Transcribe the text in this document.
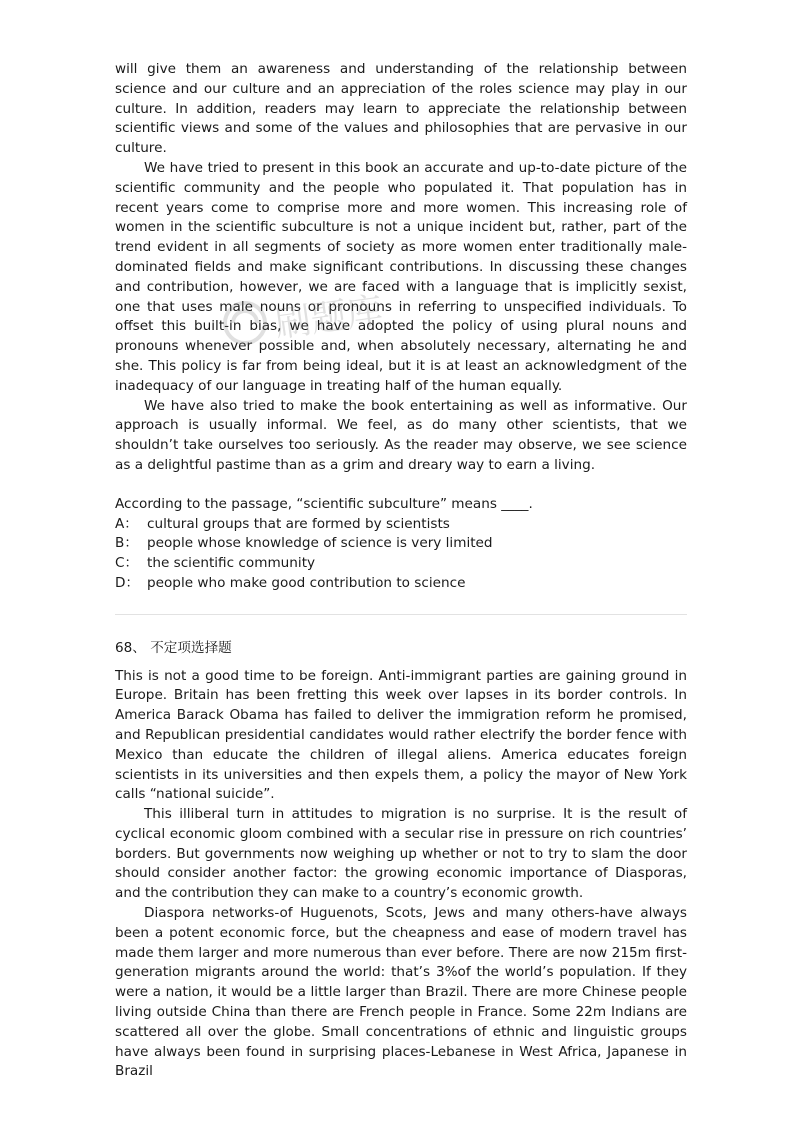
will give them an awareness and understanding of the relationship between science and our culture and an appreciation of the roles science may play in our culture. In addition, readers may learn to appreciate the relationship between scientific views and some of the values and philosophies that are pervasive in our culture.

We have tried to present in this book an accurate and up-to-date picture of the scientific community and the people who populated it. That population has in recent years come to comprise more and more women. This increasing role of women in the scientific subculture is not a unique incident but, rather, part of the trend evident in all segments of society as more women enter traditionally male-dominated fields and make significant contributions. In discussing these changes and contribution, however, we are faced with a language that is implicitly sexist, one that uses male nouns or pronouns in referring to unspecified individuals. To offset this built-in bias, we have adopted the policy of using plural nouns and pronouns whenever possible and, when absolutely necessary, alternating he and she. This policy is far from being ideal, but it is at least an acknowledgment of the inadequacy of our language in treating half of the human equally.

We have also tried to make the book entertaining as well as informative. Our approach is usually informal. We feel, as do many other scientists, that we shouldn’t take ourselves too seriously. As the reader may observe, we see science as a delightful pastime than as a grim and dreary way to earn a living.

According to the passage, “scientific subculture” means ____.

A： cultural groups that are formed by scientists
B： people whose knowledge of science is very limited
C： the scientific community
D： people who make good contribution to science

68、 不定项选择题

This is not a good time to be foreign. Anti-immigrant parties are gaining ground in Europe. Britain has been fretting this week over lapses in its border controls. In America Barack Obama has failed to deliver the immigration reform he promised, and Republican presidential candidates would rather electrify the border fence with Mexico than educate the children of illegal aliens. America educates foreign scientists in its universities and then expels them, a policy the mayor of New York calls “national suicide”.

This illiberal turn in attitudes to migration is no surprise. It is the result of cyclical economic gloom combined with a secular rise in pressure on rich countries’ borders. But governments now weighing up whether or not to try to slam the door should consider another factor: the growing economic importance of Diasporas, and the contribution they can make to a country’s economic growth.

Diaspora networks-of Huguenots, Scots, Jews and many others-have always been a potent economic force, but the cheapness and ease of modern travel has made them larger and more numerous than ever before. There are now 215m first-generation migrants around the world: that’s 3%of the world’s population. If they were a nation, it would be a little larger than Brazil. There are more Chinese people living outside China than there are French people in France. Some 22m Indians are scattered all over the globe. Small concentrations of ethnic and linguistic groups have always been found in surprising places-Lebanese in West Africa, Japanese in Brazil

刷题库
